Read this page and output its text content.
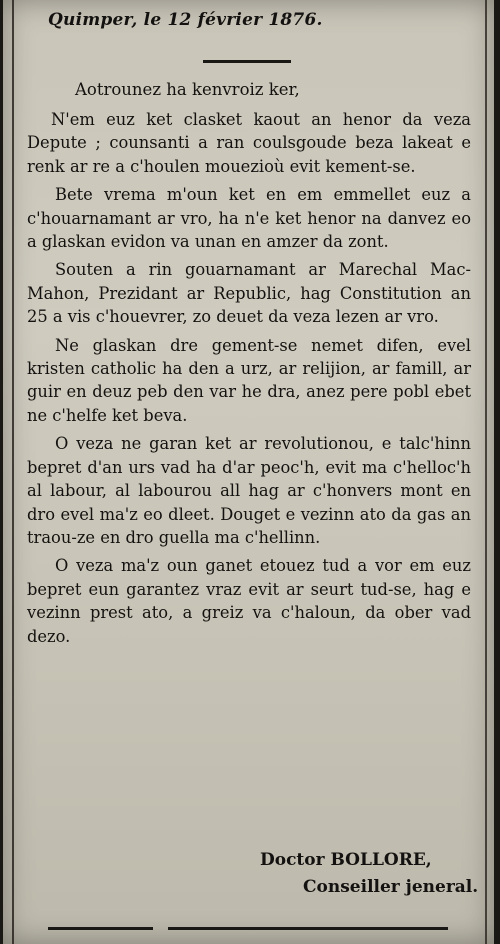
Quimper, le 12 février 1876.
Aotrounez ha kenvroiz ker,

N'em euz ket clasket kaout an henor da veza Depute ; counsanti a ran coulsgoude beza lakeat e renk ar re a c'houlen mouezioù evit kement-se.

Bete vrema m'oun ket en em emmellet euz a c'houarnamant ar vro, ha n'e ket henor na danvez eo a glaskan evidon va unan en amzer da zont.

Souten a rin gouarnamant ar Marechal Mac-Mahon, Prezidant ar Republic, hag Constitution an 25 a vis c'houevrer, zo deuet da veza lezen ar vro.

Ne glaskan dre gement-se nemet difen, evel kristen catholic ha den a urz, ar relijion, ar famill, ar guir en deuz peb den var he dra, anez pere pobl ebet ne c'helfe ket beva.

O veza ne garan ket ar revolutionou, e talc'hinn bepret d'an urs vad ha d'ar peoc'h, evit ma c'helloc'h al labour, al labourou all hag ar c'honvers mont en dro evel ma'z eo dleet. Douget e vezinn ato da gas an traou-ze en dro guella ma c'hellinn.

O veza ma'z oun ganet etouez tud a vor em euz bepret eun garantez vraz evit ar seurt tud-se, hag e vezinn prest ato, a greiz va c'haloun, da ober vad dezo.

Doctor BOLLORE,
Conseiller jeneral.
